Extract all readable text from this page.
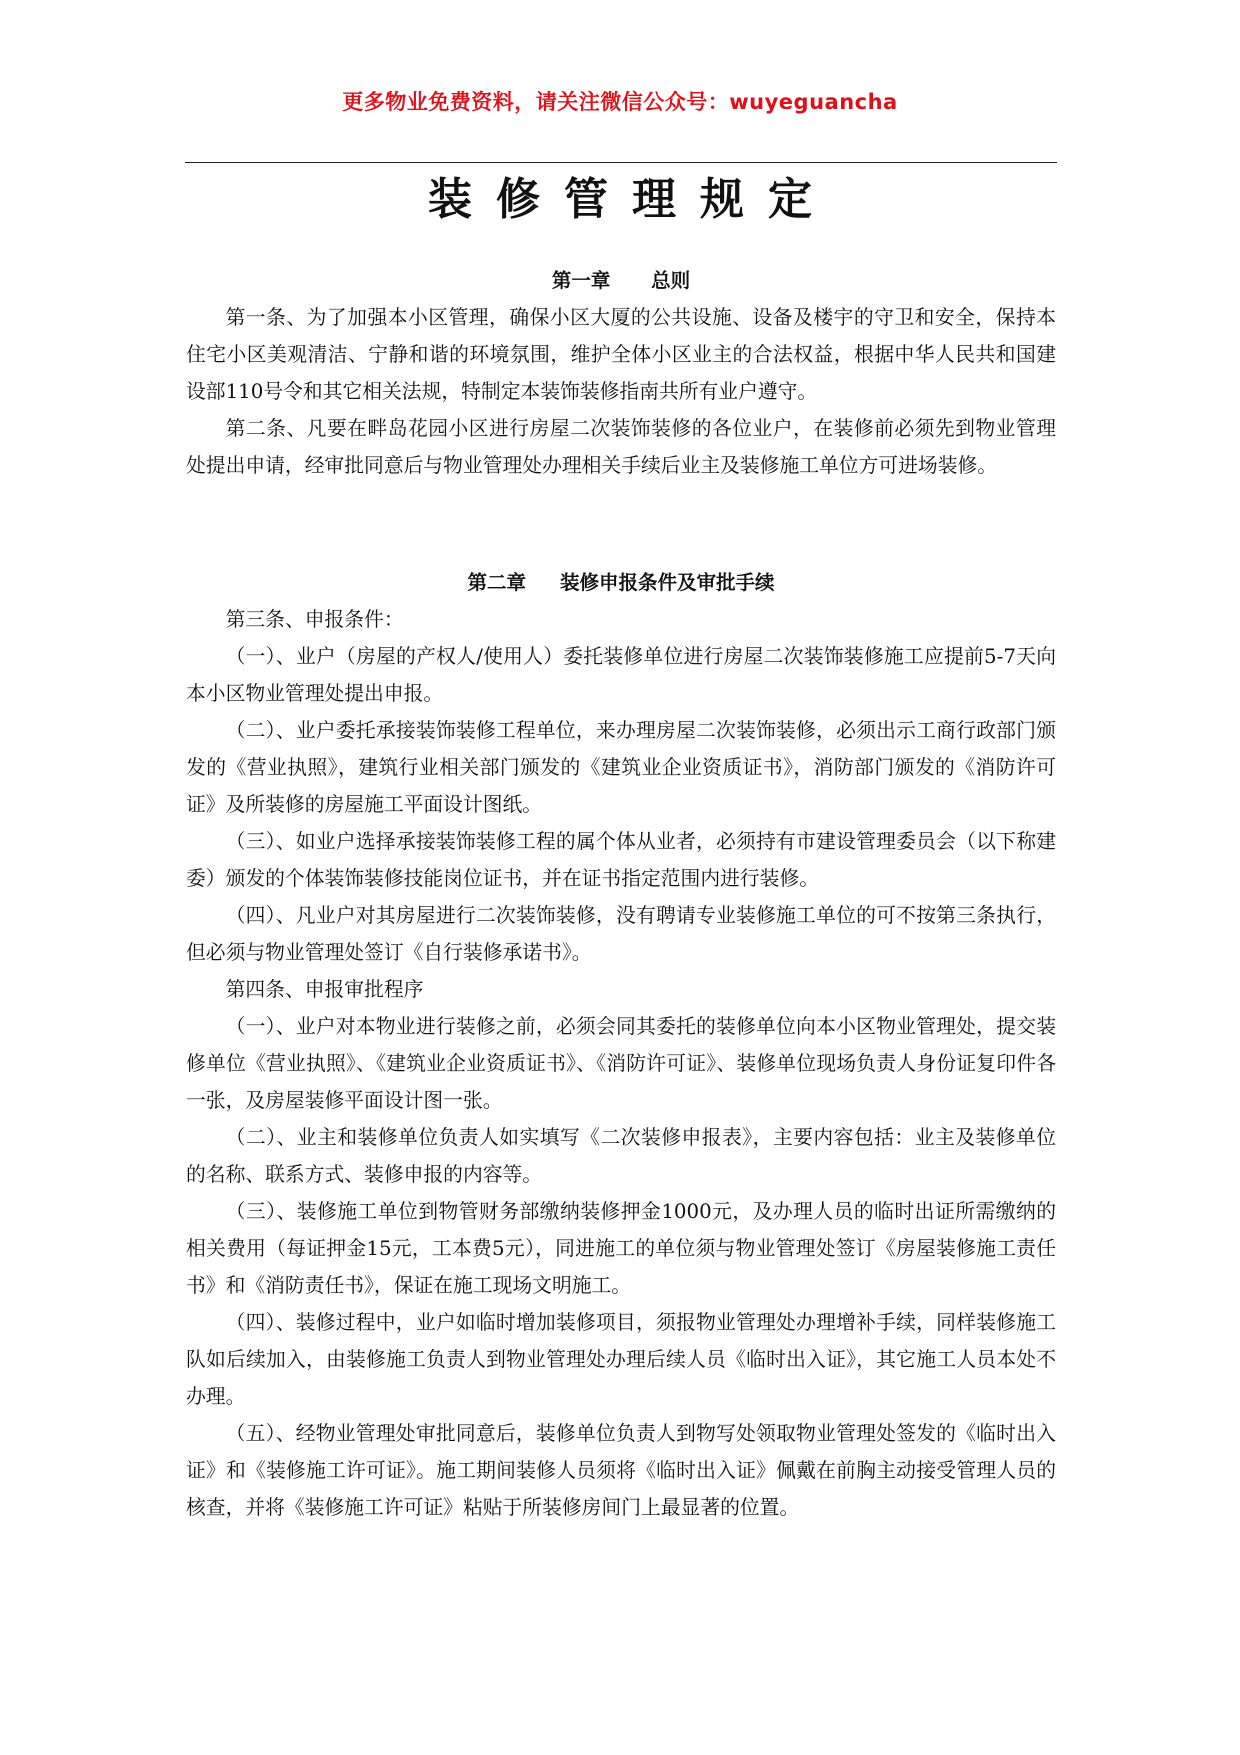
更多物业免费资料，请关注微信公众号：wuyeguancha
装修管理规定

第一章      总则

第一条、为了加强本小区管理，确保小区大厦的公共设施、设备及楼宇的守卫和安全，保持本住宅小区美观清洁、宁静和谐的环境氛围，维护全体小区业主的合法权益，根据中华人民共和国建设部110号令和其它相关法规，特制定本装饰装修指南共所有业户遵守。

第二条、凡要在畔岛花园小区进行房屋二次装饰装修的各位业户，在装修前必须先到物业管理处提出申请，经审批同意后与物业管理处办理相关手续后业主及装修施工单位方可进场装修。

第二章     装修申报条件及审批手续

第三条、申报条件：

（一）、业户（房屋的产权人/使用人）委托装修单位进行房屋二次装饰装修施工应提前5-7天向本小区物业管理处提出申报。

（二）、业户委托承接装饰装修工程单位，来办理房屋二次装饰装修，必须出示工商行政部门颁发的《营业执照》，建筑行业相关部门颁发的《建筑业企业资质证书》，消防部门颁发的《消防许可证》及所装修的房屋施工平面设计图纸。

（三）、如业户选择承接装饰装修工程的属个体从业者，必须持有市建设管理委员会（以下称建委）颁发的个体装饰装修技能岗位证书，并在证书指定范围内进行装修。

（四）、凡业户对其房屋进行二次装饰装修，没有聘请专业装修施工单位的可不按第三条执行，但必须与物业管理处签订《自行装修承诺书》。

第四条、申报审批程序

（一）、业户对本物业进行装修之前，必须会同其委托的装修单位向本小区物业管理处，提交装修单位《营业执照》、《建筑业企业资质证书》、《消防许可证》、装修单位现场负责人身份证复印件各一张，及房屋装修平面设计图一张。

（二）、业主和装修单位负责人如实填写《二次装修申报表》，主要内容包括：业主及装修单位的名称、联系方式、装修申报的内容等。

（三）、装修施工单位到物管财务部缴纳装修押金1000元，及办理人员的临时出证所需缴纳的相关费用（每证押金15元，工本费5元），同进施工的单位须与物业管理处签订《房屋装修施工责任书》和《消防责任书》，保证在施工现场文明施工。

（四）、装修过程中，业户如临时增加装修项目，须报物业管理处办理增补手续，同样装修施工队如后续加入，由装修施工负责人到物业管理处办理后续人员《临时出入证》，其它施工人员本处不办理。

（五）、经物业管理处审批同意后，装修单位负责人到物写处领取物业管理处签发的《临时出入证》和《装修施工许可证》。施工期间装修人员须将《临时出入证》佩戴在前胸主动接受管理人员的核查，并将《装修施工许可证》粘贴于所装修房间门上最显著的位置。
